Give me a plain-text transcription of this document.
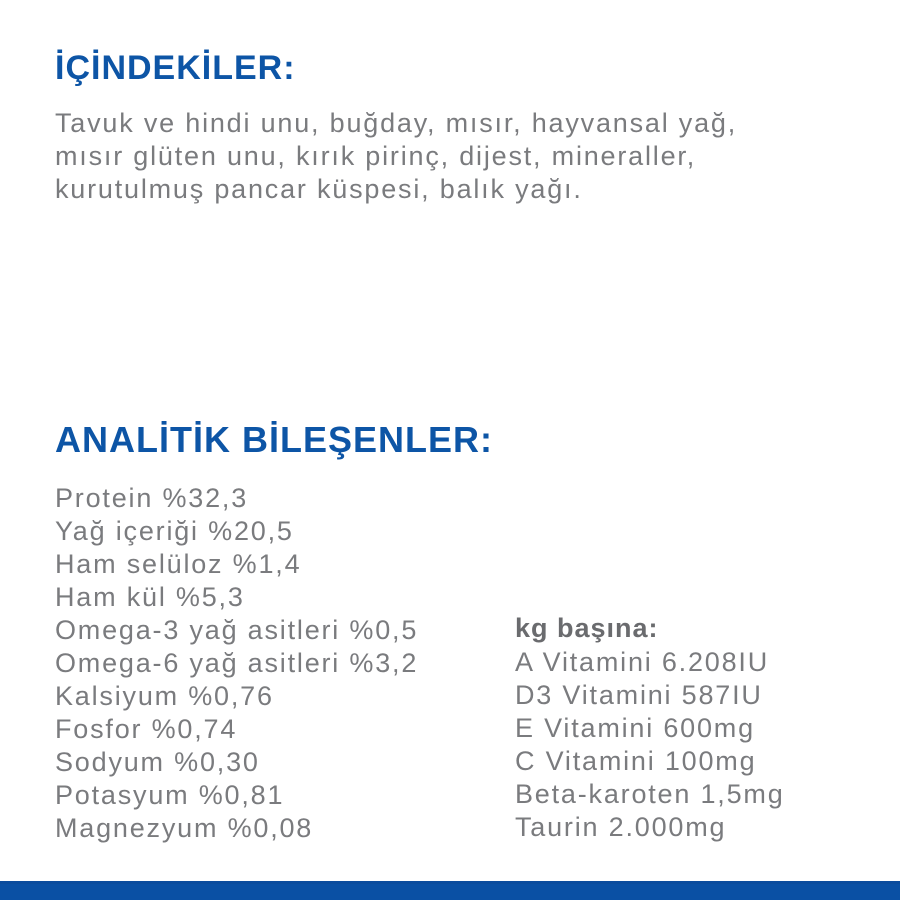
İÇİNDEKİLER:
Tavuk ve hindi unu, buğday, mısır, hayvansal yağ,
mısır glüten unu, kırık pirinç, dijest, mineraller,
kurutulmuş pancar küspesi, balık yağı.
ANALİTİK BİLEŞENLER:
Protein %32,3
Yağ içeriği %20,5
Ham selüloz %1,4
Ham kül %5,3
Omega-3 yağ asitleri %0,5
Omega-6 yağ asitleri %3,2
Kalsiyum %0,76
Fosfor %0,74
Sodyum %0,30
Potasyum %0,81
Magnezyum %0,08
kg başına:
A Vitamini 6.208IU
D3 Vitamini 587IU
E Vitamini 600mg
C Vitamini 100mg
Beta-karoten 1,5mg
Taurin 2.000mg
